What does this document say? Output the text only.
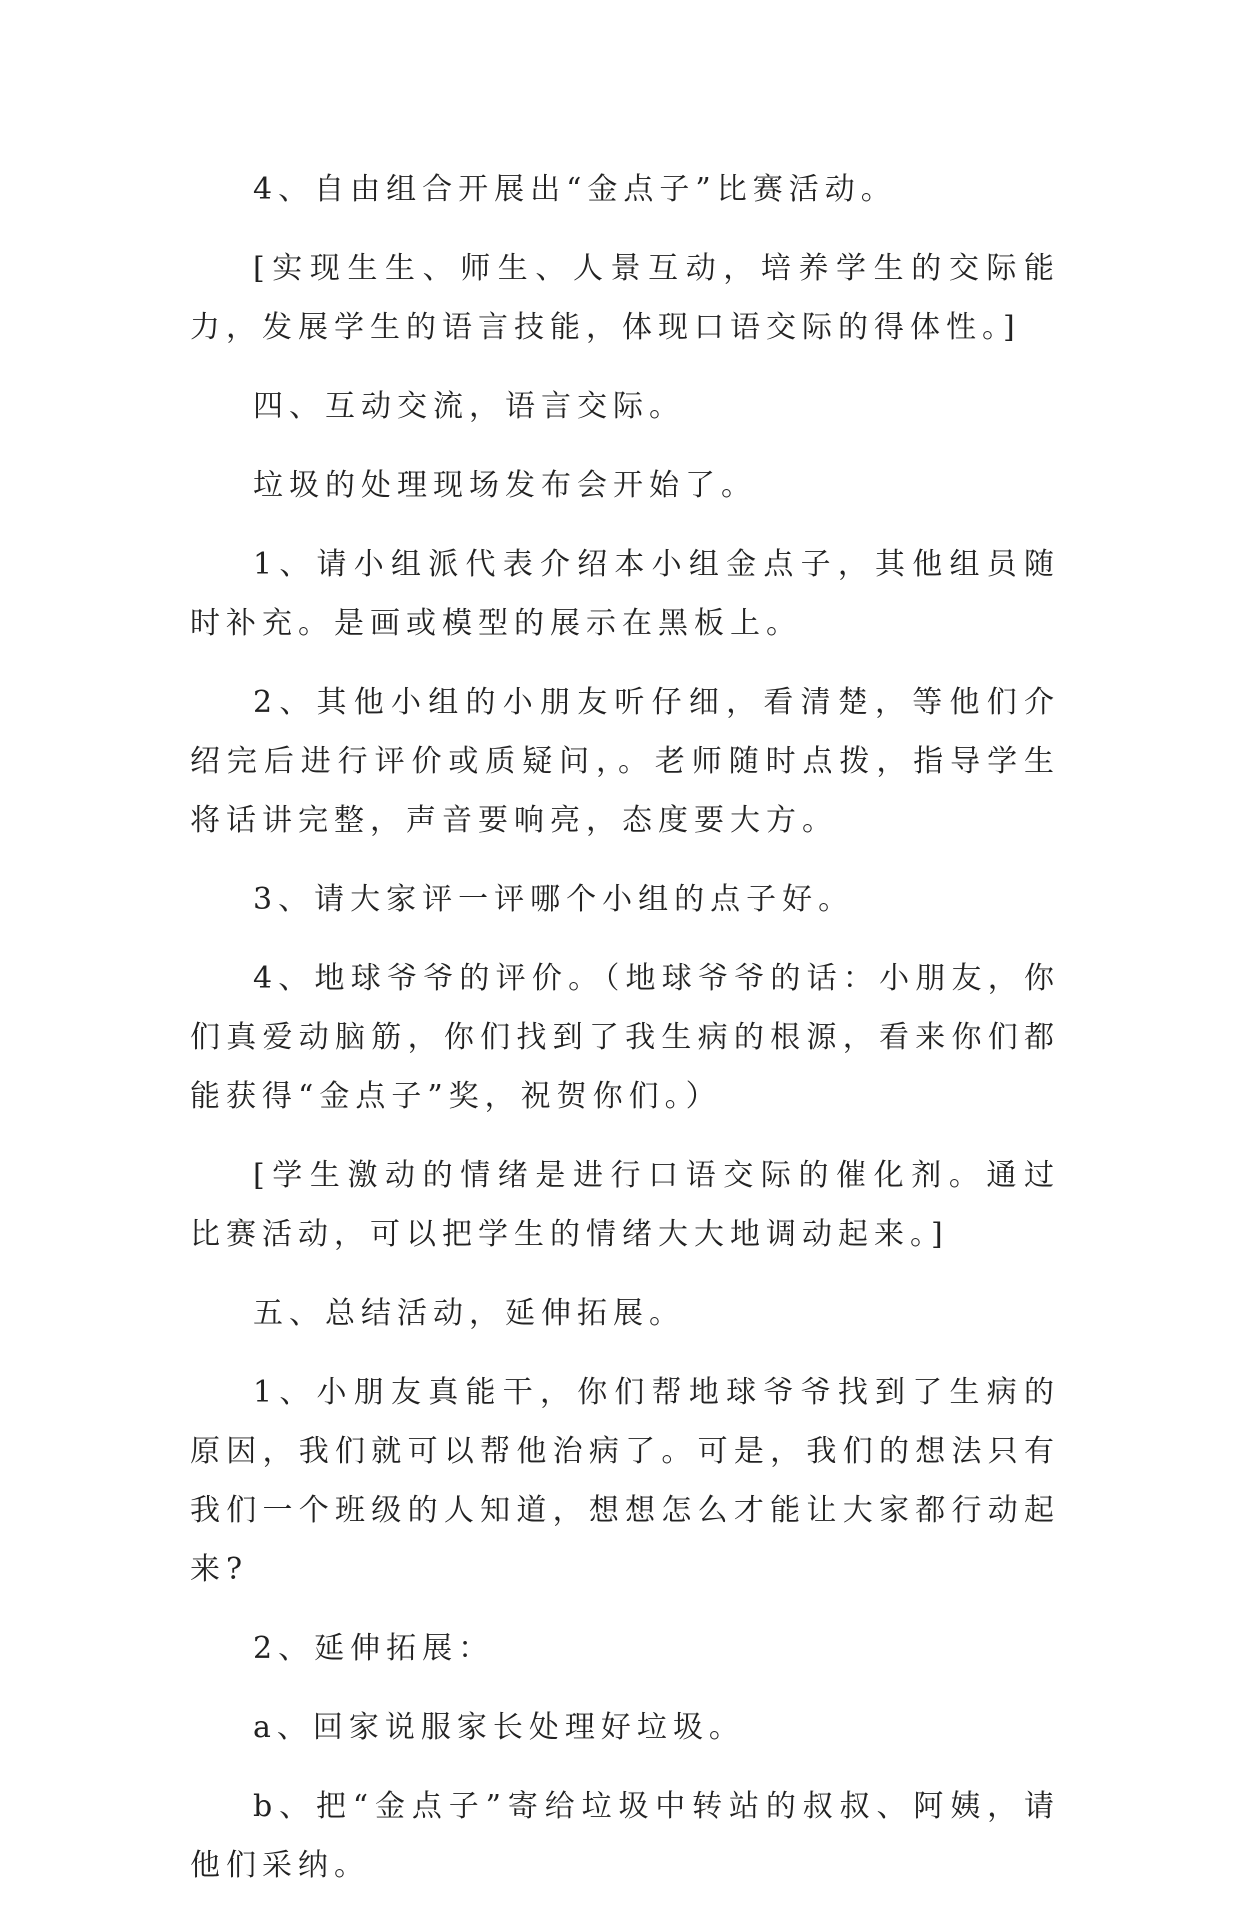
4、自由组合开展出“金点子”比赛活动。

[实现生生、师生、人景互动，培养学生的交际能力，发展学生的语言技能，体现口语交际的得体性。]

四、互动交流，语言交际。

垃圾的处理现场发布会开始了。

1、请小组派代表介绍本小组金点子，其他组员随时补充。是画或模型的展示在黑板上。

2、其他小组的小朋友听仔细，看清楚，等他们介绍完后进行评价或质疑问，。老师随时点拨，指导学生将话讲完整，声音要响亮，态度要大方。

3、请大家评一评哪个小组的点子好。

4、地球爷爷的评价。（地球爷爷的话：小朋友，你们真爱动脑筋，你们找到了我生病的根源，看来你们都能获得“金点子”奖，祝贺你们。）

[学生激动的情绪是进行口语交际的催化剂。通过比赛活动，可以把学生的情绪大大地调动起来。]

五、总结活动，延伸拓展。

1、小朋友真能干，你们帮地球爷爷找到了生病的原因，我们就可以帮他治病了。可是，我们的想法只有我们一个班级的人知道，想想怎么才能让大家都行动起来?

2、延伸拓展：

a、回家说服家长处理好垃圾。

b、把“金点子”寄给垃圾中转站的叔叔、阿姨，请他们采纳。
